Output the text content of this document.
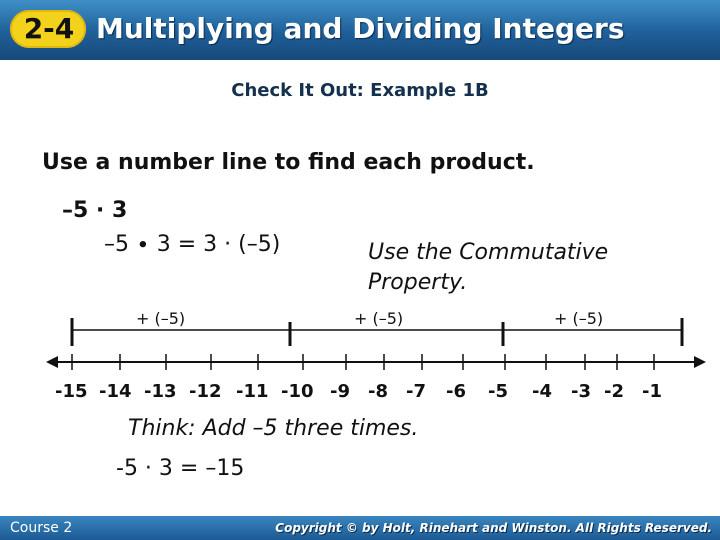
2-4 Multiplying and Dividing Integers
Check It Out: Example 1B
Use a number line to find each product.
–5 ∙ 3
–5 ∙ 3 = 3 · (–5)	Use the Commutative Property.
+ (–5)	+ (–5)	+ (–5)
-15 -14 -13 -12 -11 -10 -9 -8 -7 -6 -5 -4 -3 -2 -1
Think: Add –5 three times.
-5 · 3 = –15
Course 2	Copyright © by Holt, Rinehart and Winston. All Rights Reserved.
